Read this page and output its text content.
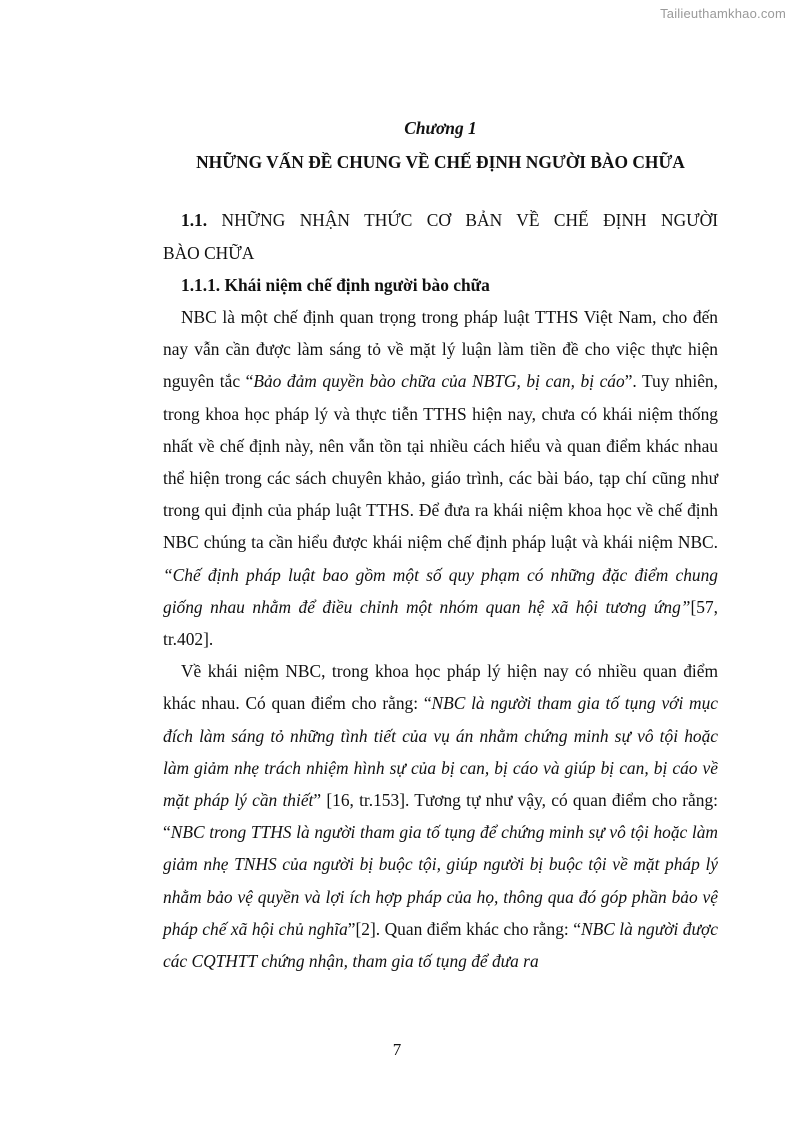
Tailieuthamkhao.com
Chương 1
NHỮNG VẤN ĐỀ CHUNG VỀ CHẾ ĐỊNH NGƯỜI BÀO CHỮA
1.1. NHỮNG NHẬN THỨC CƠ BẢN VỀ CHẾ ĐỊNH NGƯỜI
BÀO CHỮA
1.1.1. Khái niệm chế định người bào chữa

NBC là một chế định quan trọng trong pháp luật TTHS Việt Nam, cho đến nay vẫn cần được làm sáng tỏ về mặt lý luận làm tiền đề cho việc thực hiện nguyên tắc “Bảo đảm quyền bào chữa của NBTG, bị can, bị cáo”. Tuy nhiên, trong khoa học pháp lý và thực tiễn TTHS hiện nay, chưa có khái niệm thống nhất về chế định này, nên vẫn tồn tại nhiều cách hiểu và quan điểm khác nhau thể hiện trong các sách chuyên khảo, giáo trình, các bài báo, tạp chí cũng như trong qui định của pháp luật TTHS. Để đưa ra khái niệm khoa học về chế định NBC chúng ta cần hiểu được khái niệm chế định pháp luật và khái niệm NBC. “Chế định pháp luật bao gồm một số quy phạm có những đặc điểm chung giống nhau nhằm để điều chỉnh một nhóm quan hệ xã hội tương ứng”[57, tr.402].

Về khái niệm NBC, trong khoa học pháp lý hiện nay có nhiều quan điểm khác nhau. Có quan điểm cho rằng: “NBC là người tham gia tố tụng với mục đích làm sáng tỏ những tình tiết của vụ án nhằm chứng minh sự vô tội hoặc làm giảm nhẹ trách nhiệm hình sự của bị can, bị cáo và giúp bị can, bị cáo về mặt pháp lý cần thiết” [16, tr.153]. Tương tự như vậy, có quan điểm cho rằng: “NBC trong TTHS là người tham gia tố tụng để chứng minh sự vô tội hoặc làm giảm nhẹ TNHS của người bị buộc tội, giúp người bị buộc tội về mặt pháp lý nhằm bảo vệ quyền và lợi ích hợp pháp của họ, thông qua đó góp phần bảo vệ pháp chế xã hội chủ nghĩa”[2]. Quan điểm khác cho rằng: “NBC là người được các CQTHTT chứng nhận, tham gia tố tụng để đưa ra

7
